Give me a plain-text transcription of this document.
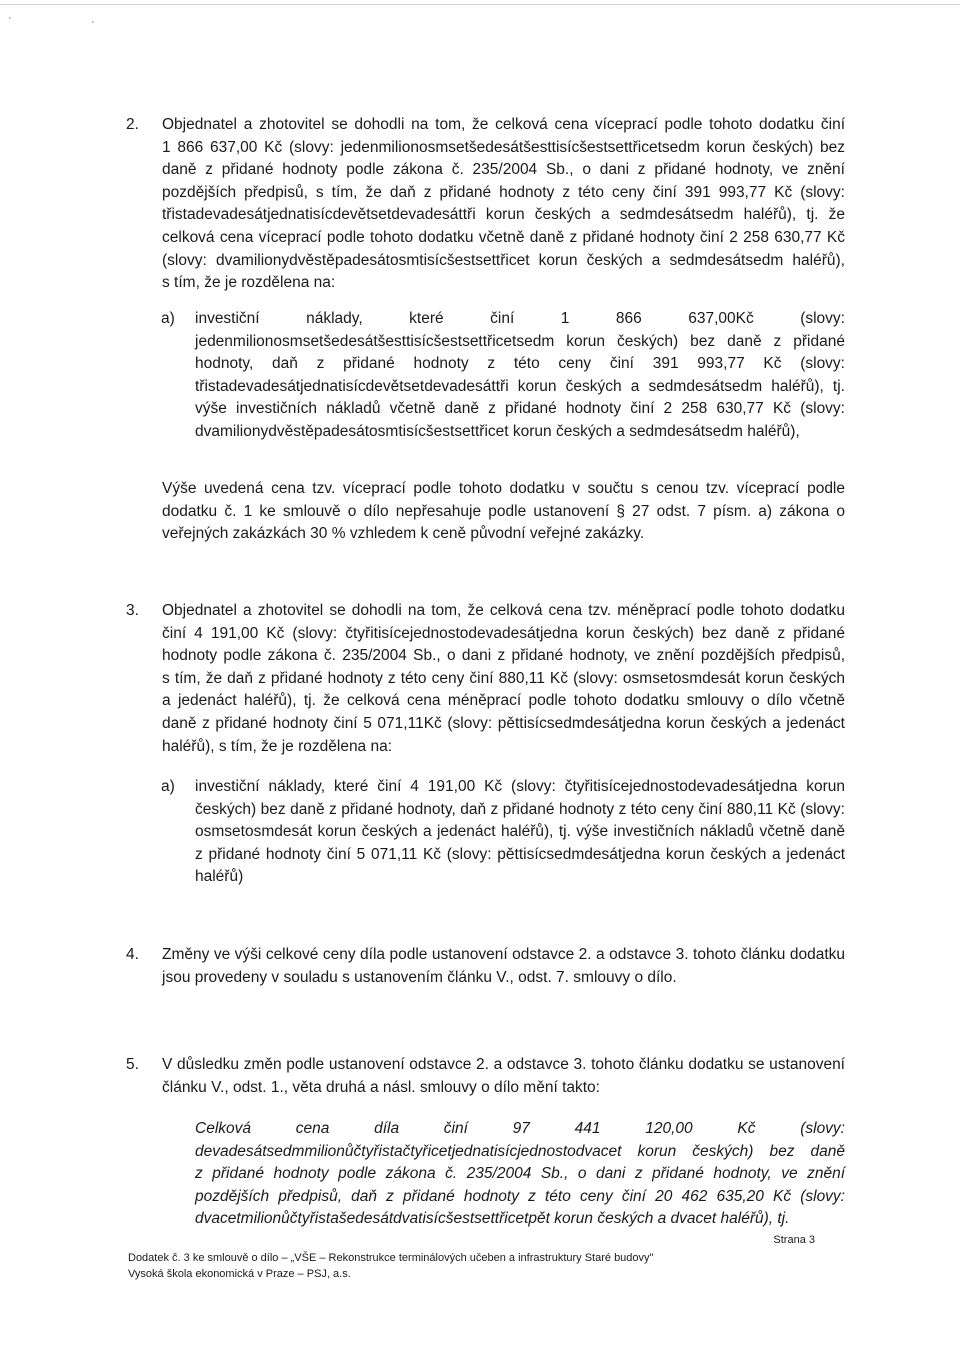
·	·
2. Objednatel a zhotovitel se dohodli na tom, že celková cena víceprací podle tohoto dodatku činí
1 866 637,00 Kč (slovy: jedenmilionosmsetšedesátšesttisícšestsettřicetsedm korun českých) bez
daně z přidané hodnoty podle zákona č. 235/2004 Sb., o dani z přidané hodnoty, ve znění
pozdějších předpisů, s tím, že daň z přidané hodnoty z této ceny činí 391 993,77 Kč (slovy:
třistadevadesátjednatisícdevětsetdevadesáttři korun českých a sedmdesátsedm haléřů), tj. že
celková cena víceprací podle tohoto dodatku včetně daně z přidané hodnoty činí 2 258 630,77 Kč
(slovy: dvamilionydvěstěpadesátosmtisícšestsettřicet korun českých a sedmdesátsedm haléřů),
s tím, že je rozdělena na:
a) investiční náklady, které činí 1 866 637,00Kč (slovy:
jedenmilionosmsetšedesátšesttisícšestsettřicetsedm korun českých) bez daně z přidané
hodnoty, daň z přidané hodnoty z této ceny činí 391 993,77 Kč (slovy:
třistadevadesátjednatisícdevětsetdevadesáttři korun českých a sedmdesátsedm haléřů), tj.
výše investičních nákladů včetně daně z přidané hodnoty činí 2 258 630,77 Kč (slovy:
dvamilionydvěstěpadesátosmtisícšestsettřicet korun českých a sedmdesátsedm haléřů),
Výše uvedená cena tzv. víceprací podle tohoto dodatku v součtu s cenou tzv. víceprací podle
dodatku č. 1 ke smlouvě o dílo nepřesahuje podle ustanovení § 27 odst. 7 písm. a) zákona o
veřejných zakázkách 30 % vzhledem k ceně původní veřejné zakázky.
3. Objednatel a zhotovitel se dohodli na tom, že celková cena tzv. méněprací podle tohoto dodatku
činí 4 191,00 Kč (slovy: čtyřitisícejednostodevadesátjedna korun českých) bez daně z přidané
hodnoty podle zákona č. 235/2004 Sb., o dani z přidané hodnoty, ve znění pozdějších předpisů,
s tím, že daň z přidané hodnoty z této ceny činí 880,11 Kč (slovy: osmsetosmdesát korun českých
a jedenáct haléřů), tj. že celková cena méněprací podle tohoto dodatku smlouvy o dílo včetně
daně z přidané hodnoty činí 5 071,11Kč (slovy: pěttisícsedmdesátjedna korun českých a jedenáct
haléřů), s tím, že je rozdělena na:
a) investiční náklady, které činí 4 191,00 Kč (slovy: čtyřitisícejednostodevadesátjedna korun
českých) bez daně z přidané hodnoty, daň z přidané hodnoty z této ceny činí 880,11 Kč (slovy:
osmsetosmdesát korun českých a jedenáct haléřů), tj. výše investičních nákladů včetně daně
z přidané hodnoty činí 5 071,11 Kč (slovy: pěttisícsedmdesátjedna korun českých a jedenáct
haléřů)
4. Změny ve výši celkové ceny díla podle ustanovení odstavce 2. a odstavce 3. tohoto článku dodatku
jsou provedeny v souladu s ustanovením článku V., odst. 7. smlouvy o dílo.
5. V důsledku změn podle ustanovení odstavce 2. a odstavce 3. tohoto článku dodatku se ustanovení
článku V., odst. 1., věta druhá a násl. smlouvy o dílo mění takto:
Celková cena díla činí 97 441 120,00 Kč (slovy:
devadesátsedmmilionůčtyřistačtyřicetjednatisícjednostodvacet korun českých) bez daně
z přidané hodnoty podle zákona č. 235/2004 Sb., o dani z přidané hodnoty, ve znění
pozdějších předpisů, daň z přidané hodnoty z této ceny činí 20 462 635,20 Kč (slovy:
dvacetmilionůčtyřistašedesátdvatisícšestsettřicetpět korun českých a dvacet haléřů), tj.
Strana 3
Dodatek č. 3 ke smlouvě o dílo – „VŠE – Rekonstrukce terminálových učeben a infrastruktury Staré budovy"
Vysoká škola ekonomická v Praze – PSJ, a.s.
